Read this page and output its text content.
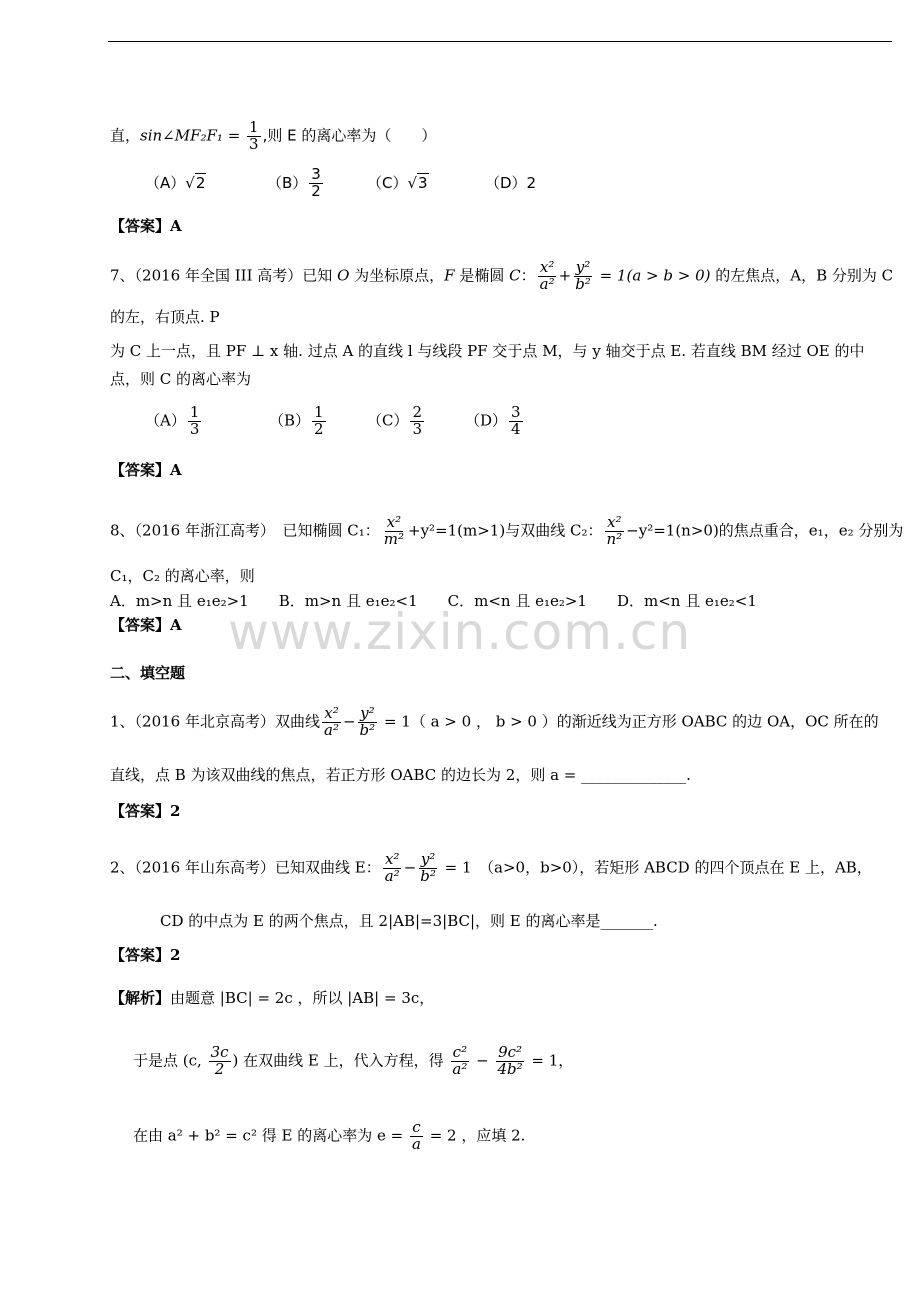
直，sin∠MF₂F₁ = $\frac{1}{3}$ ,则 E 的离心率为（　　）
（A）√2	$(B) \frac{3}{2}$	（C）√3	（D）2
【答案】A
7、（2016 年全国 III 高考）已知 O 为坐标原点，F 是椭圆 C： $\frac{\text{x²}}{\text{a²}} + \frac{\text{y²}}{\text{b²}} = 1(a > b > 0)$ 的左焦点，A，B 分别为 C
的左，右顶点. P
为 C 上一点，且 PF ⊥ x 轴. 过点 A 的直线 l 与线段 PF 交于点 M，与 y 轴交于点 E. 若直线 BM 经过 OE 的中
点，则 C 的离心率为
$(A) \frac{1}{3}$	$(B) \frac{1}{2}$	$(C) \frac{2}{3}$	$(D) \frac{3}{4}$
【答案】A
8、（2016 年浙江高考）　已知椭圆 C₁： $\frac{\text{x²}}{\text{m²}} +y^2=1(m>1)$与双曲线 C₂： $\frac{\text{x²}}{\text{n²}} -y^2=1(n>0)$的焦点重合，e₁，e₂ 分别为
C₁，C₂ 的离心率，则
A．m>n 且 e₁e₂>1　　B．m>n 且 e₁e₂<1　　C．m<n 且 e₁e₂>1　　D．m<n 且 e₁e₂<1
【答案】A www.zixin.com.cn
二、填空题
1、（2016 年北京高考）双曲线 $\frac{\text{x²}}{\text{a²}} - \frac{\text{y²}}{\text{b²}} = 1$（ a > 0 ， b > 0 ）的渐近线为正方形 OABC 的边 OA，OC 所在的
直线，点 B 为该双曲线的焦点，若正方形 OABC 的边长为 2，则 a = ______________.
【答案】2
2、（2016 年山东高考）已知双曲线 E： $\frac{\text{x²}}{\text{a²}} - \frac{\text{y²}}{\text{b²}} = 1$　（a>0，b>0），若矩形 ABCD 的四个顶点在 E 上，AB，
CD 的中点为 E 的两个焦点，且 2|AB|=3|BC|，则 E 的离心率是_______.
【答案】2
【解析】由题意 |BC| = 2c ，所以 |AB| = 3c，
于是点 (c, $\frac{3c}{2}$ ) 在双曲线 E 上，代入方程，得 $\frac{\text{c²}}{\text{a²}} - \frac{\text{9c²}}{\text{4b²}} = 1$，
在由 a² + b² = c² 得 E 的离心率为 $e = \frac{c}{a} = 2$ ，应填 2.
